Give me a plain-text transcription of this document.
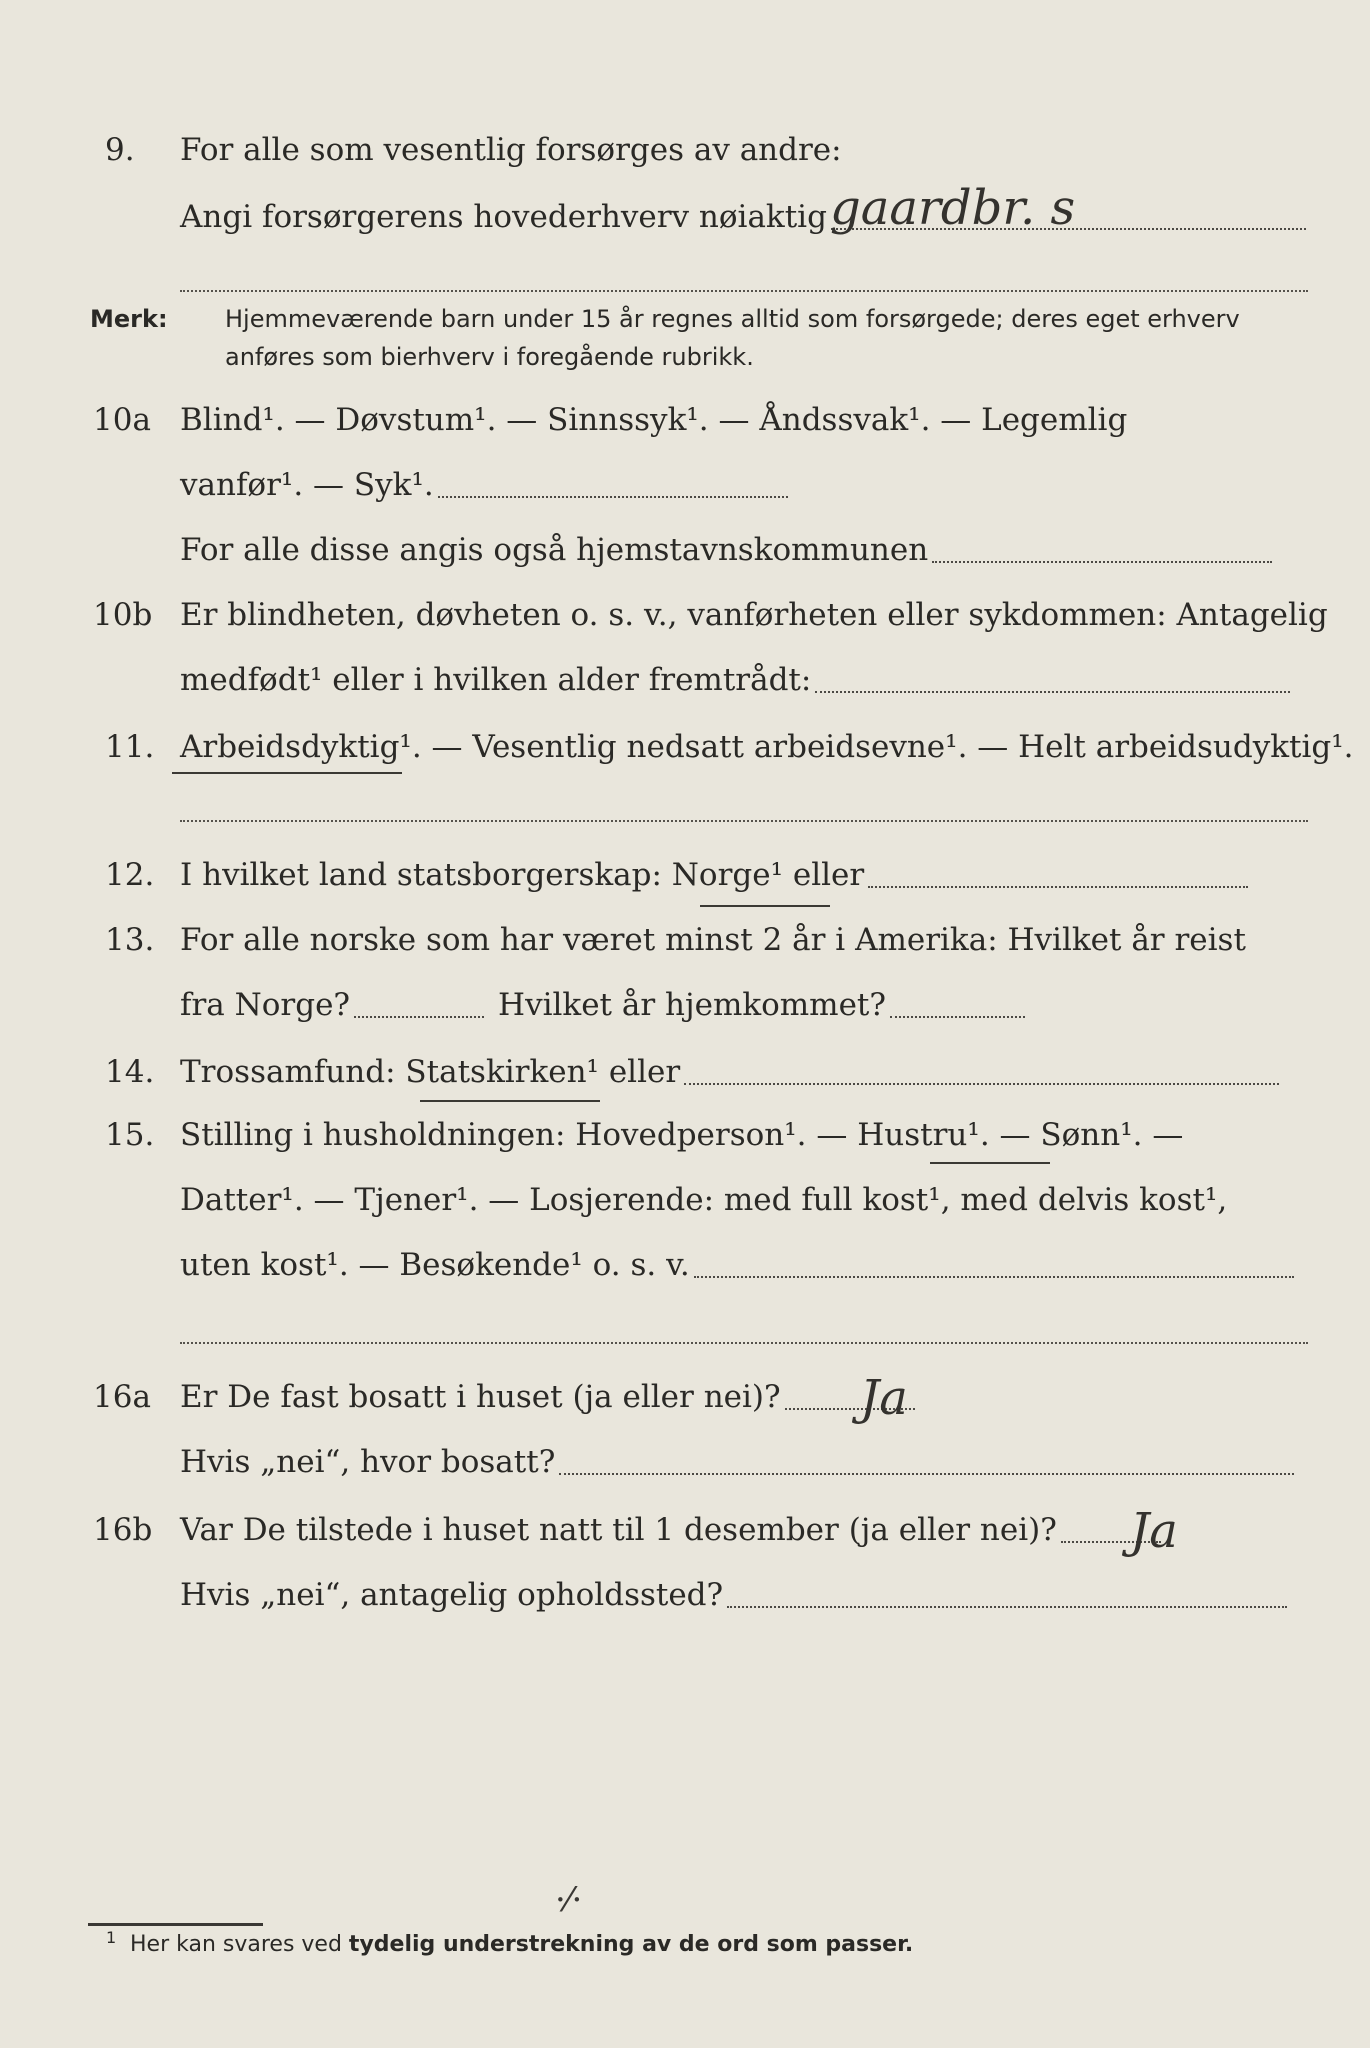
9. For alle som vesentlig forsørges av andre:
Angi forsørgerens hovederhverv nøiaktig gaardbr. s
Merk: Hjemmeværende barn under 15 år regnes alltid som forsørgede; deres eget erhverv
anføres som bierhverv i foregående rubrikk.
10a Blind¹. — Døvstum¹. — Sinnssyk¹. — Åndssvak¹. — Legemlig
vanfør¹. — Syk¹.
For alle disse angis også hjemstavnskommunen
10b Er blindheten, døvheten o. s. v., vanførheten eller sykdommen: Antagelig
medfødt¹ eller i hvilken alder fremtrådt:
11. Arbeidsdyktig¹. — Vesentlig nedsatt arbeidsevne¹. — Helt arbeidsudyktig¹.
12. I hvilket land statsborgerskap: Norge¹ eller
13. For alle norske som har været minst 2 år i Amerika: Hvilket år reist
fra Norge?	Hvilket år hjemkommet?
14. Trossamfund: Statskirken¹ eller
15. Stilling i husholdningen: Hovedperson¹. — Hustru¹. — Sønn¹. —
Datter¹. — Tjener¹. — Losjerende: med full kost¹, med delvis kost¹,
uten kost¹. — Besøkende¹ o. s. v.
16a Er De fast bosatt i huset (ja eller nei)? Ja
Hvis „nei“, hvor bosatt?
16b Var De tilstede i huset natt til 1 desember (ja eller nei)? Ja
Hvis „nei“, antagelig opholdssted?
·⁄·
1 Her kan svares ved tydelig understrekning av de ord som passer.
